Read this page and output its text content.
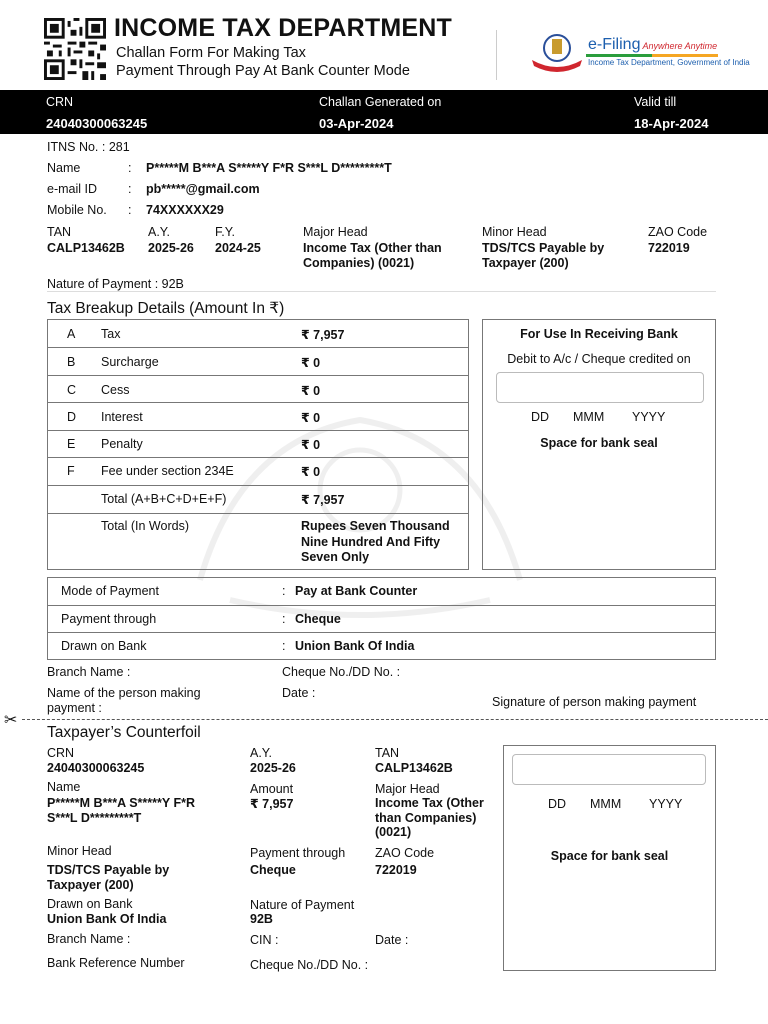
INCOME TAX DEPARTMENT
Challan Form For Making Tax
Payment Through Pay At Bank Counter Mode
e-Filing Anywhere Anytime
Income Tax Department, Government of India
CRN
24040300063245
Challan Generated on
03-Apr-2024
Valid till
18-Apr-2024
ITNS No. : 281
Name	: P*****M B***A S*****Y F*R S***L D*********T
e-mail ID : pb*****@gmail.com
Mobile No. : 74XXXXXX29
TAN
CALP13462B
A.Y.
2025-26
F.Y.
2024-25
Major Head
Income Tax (Other than
Companies) (0021)
Minor Head
TDS/TCS Payable by
Taxpayer (200)
ZAO Code
722019
Nature of Payment : 92B
Tax Breakup Details (Amount In ₹)
A Tax	₹ 7,957
B Surcharge	₹ 0
C Cess	₹ 0
D Interest	₹ 0
E Penalty	₹ 0
F Fee under section 234E	₹ 0
Total (A+B+C+D+E+F)	₹ 7,957
Total (In Words)	Rupees Seven Thousand
Nine Hundred And Fifty
Seven Only
For Use In Receiving Bank
Debit to A/c / Cheque credited on
DD MMM YYYY
Space for bank seal
Mode of Payment	: Pay at Bank Counter
Payment through	: Cheque
Drawn on Bank	: Union Bank Of India
Branch Name :	Cheque No./DD No. :
Name of the person making
payment :
Date :
Signature of person making payment
✂
Taxpayer’s Counterfoil
CRN
24040300063245
A.Y.
2025-26
TAN
CALP13462B
Name
P*****M B***A S*****Y F*R
S***L D*********T
Amount
₹ 7,957
Major Head
Income Tax (Other
than Companies)
(0021)
Minor Head
TDS/TCS Payable by
Taxpayer (200)
Payment through
Cheque
ZAO Code
722019
Drawn on Bank
Union Bank Of India
Nature of Payment
92B
Branch Name :	CIN :	Date :
Bank Reference Number	Cheque No./DD No. :
DD MMM YYYY
Space for bank seal
